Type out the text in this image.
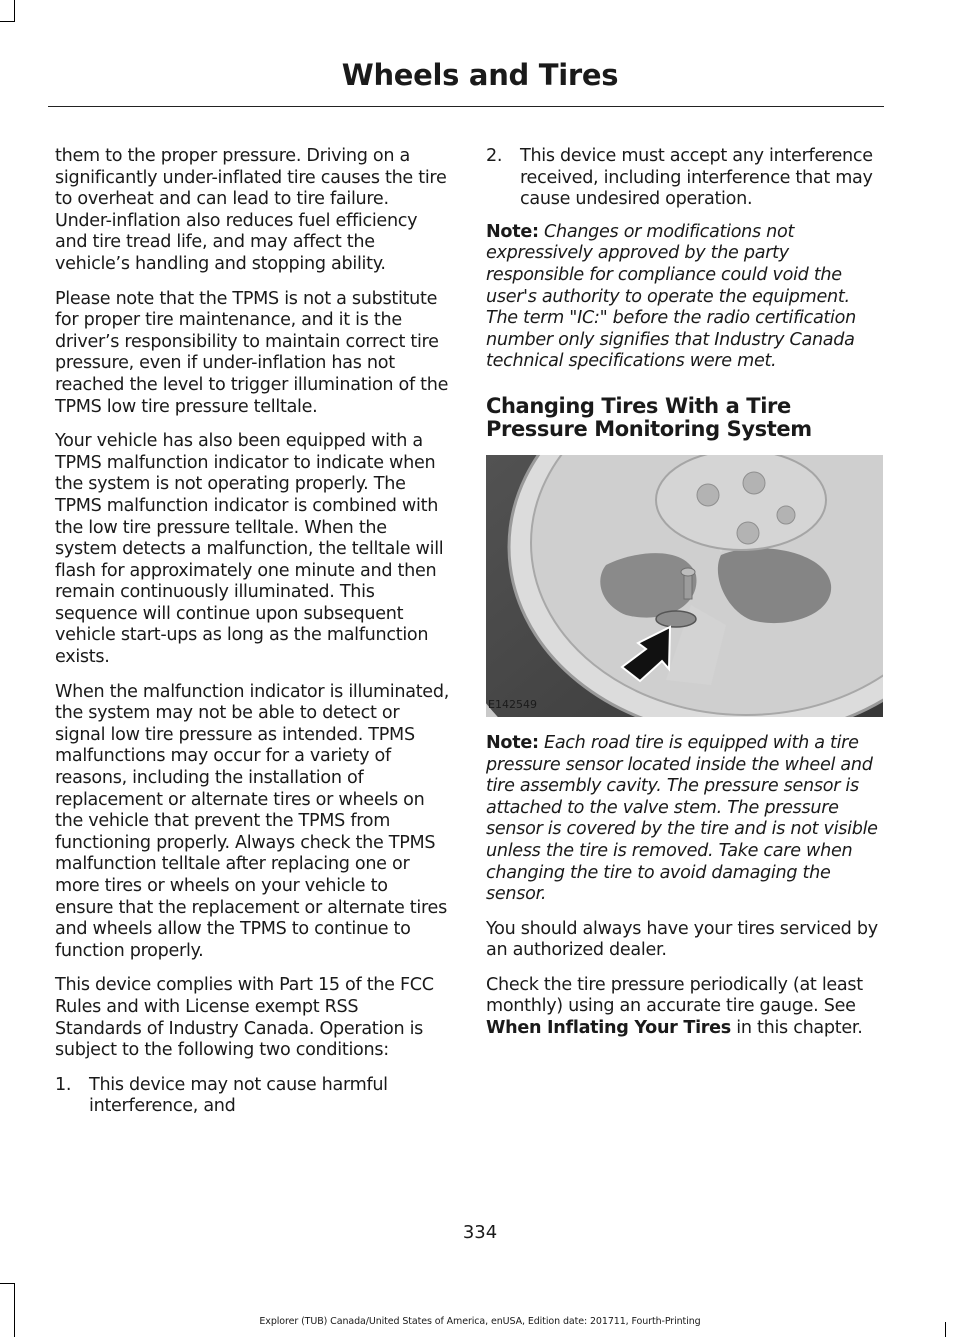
Wheels and Tires

them to the proper pressure. Driving on a significantly under-inflated tire causes the tire to overheat and can lead to tire failure. Under-inflation also reduces fuel efficiency and tire tread life, and may affect the vehicle’s handling and stopping ability.

Please note that the TPMS is not a substitute for proper tire maintenance, and it is the driver’s responsibility to maintain correct tire pressure, even if under-inflation has not reached the level to trigger illumination of the TPMS low tire pressure telltale.

Your vehicle has also been equipped with a TPMS malfunction indicator to indicate when the system is not operating properly. The TPMS malfunction indicator is combined with the low tire pressure telltale. When the system detects a malfunction, the telltale will flash for approximately one minute and then remain continuously illuminated. This sequence will continue upon subsequent vehicle start-ups as long as the malfunction exists.

When the malfunction indicator is illuminated, the system may not be able to detect or signal low tire pressure as intended. TPMS malfunctions may occur for a variety of reasons, including the installation of replacement or alternate tires or wheels on the vehicle that prevent the TPMS from functioning properly. Always check the TPMS malfunction telltale after replacing one or more tires or wheels on your vehicle to ensure that the replacement or alternate tires and wheels allow the TPMS to continue to function properly.

This device complies with Part 15 of the FCC Rules and with License exempt RSS Standards of Industry Canada. Operation is subject to the following two conditions:

1. This device may not cause harmful interference, and
2. This device must accept any interference received, including interference that may cause undesired operation.

Note: Changes or modifications not expressively approved by the party responsible for compliance could void the user's authority to operate the equipment. The term "IC:" before the radio certification number only signifies that Industry Canada technical specifications were met.

Changing Tires With a Tire Pressure Monitoring System
E142549

Note: Each road tire is equipped with a tire pressure sensor located inside the wheel and tire assembly cavity. The pressure sensor is attached to the valve stem. The pressure sensor is covered by the tire and is not visible unless the tire is removed. Take care when changing the tire to avoid damaging the sensor.

You should always have your tires serviced by an authorized dealer.

Check the tire pressure periodically (at least monthly) using an accurate tire gauge. See When Inflating Your Tires in this chapter.

334
Explorer (TUB) Canada/United States of America, enUSA, Edition date: 201711, Fourth-Printing
